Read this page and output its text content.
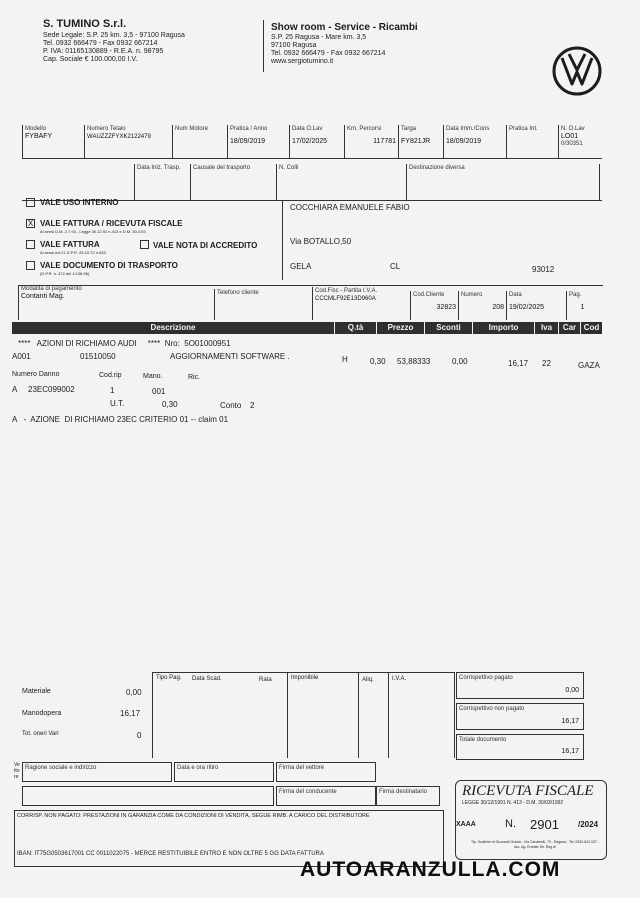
S. TUMINO S.r.l.
Sede Legale: S.P. 25 km. 3,5 - 97100 Ragusa
Tel. 0932 666479 - Fax 0932 667214
P. IVA: 01165130889 - R.E.A. n. 98795
Cap. Sociale € 100.000,00 I.V.
Show room - Service - Ricambi
S.P. 25 Ragusa - Mare km. 3,5
97100 Ragusa
Tel. 0932 666479 - Fax 0932 667214
www.sergiotumino.it
Modello
FYBAFY
Numero Telaio
WAUZZZFYXK2122479
Num Motore	Pratica / Anno
18/09/2019
Data O.Lav
17/02/2025
Km. Percorsi
117781
Targa
FY821JR
Data Imm./Cons
18/09/2019
Pratica Int.	N. O.Lav
LO01
0/30351
Data Iniz. Trasp.	Causale del trasporto	N. Colli	Destinazione diversa
VALE USO INTERNO
X VALE FATTURA / RICEVUTA FISCALE
Ai sensi D.M. 2.7.93 - Legge 30.12.91 n.413 e D.M. 30.3.93
VALE FATTURA
Ai sensi Art.21 D.P.R. 26.10.72 n.633
VALE NOTA DI ACCREDITO
VALE DOCUMENTO DI TRASPORTO
(D.P.R. n. 472 del 14.08.96)
COCCHIARA EMANUELE FABIO
Via BOTALLO,50
GELA	CL	93012
Modalità di pagamento
Contanti Mag.	Telefono cliente	Cod.Fisc - Partita I.V.A.
CCCMLF92E13D960A
Cod.Cliente
32823
Numero
208
Data
19/02/2025
Pag.
1
Descrizione	Q.tà	Prezzo	Sconti	Importo	Iva	Car Cod
****   AZIONI DI RICHIAMO AUDI     ****  Nro:  5O01000951
A001	01510050	AGGIORNAMENTI SOFTWARE .	H	0,30 53,88333	0,00	16,17 22	GAZA
Numero Danno	Cod.rip	Mano.	Ric.
A 23EC099002	1	001
U.T.	0,30	Conto 2
A   -  AZIONE  DI RICHIAMO 23EC CRITERIO 01 -- claim 01
Materiale	0,00
Manodopera	16,17
Tot. oneri Vari	0
Tipo Pag. Data Scad.	Rata	Imponibile	Aliq.	I.V.A.	Corrispettivo pagato
0,00
Corrispettivo non pagato
16,17
Totale documento
16,17
Vettore
Ragione sociale e indirizzo	Data e ora ritiro	Firma del vettore
Firma del conducente	Firma destinatario
CORRISP. NON PAGATO: PRESTAZIONI IN GARANZIA COME DA CONDIZIONI DI VENDITA, SEGUE RIMB. A CARICO DEL DISTRIBUTORE
IBAN: IT75G0503617001 CC 0011022075 - MERCE RESTITUIBILE ENTRO E NON OLTRE 5 GG DATA FATTURA
RICEVUTA FISCALE
LEGGE 30/12/1991 N. 413 - D.M. 30/03/1992
XAAA	N. 2901 /2024
Tip. Grafiche di Guzzardi Grazia - Via Cardarelli, 79 - Ragusa - Tel. 0932.624.037 - Aut. Ag. Entrate Dir. Reg.le
AUTOARANZULLA.COM
